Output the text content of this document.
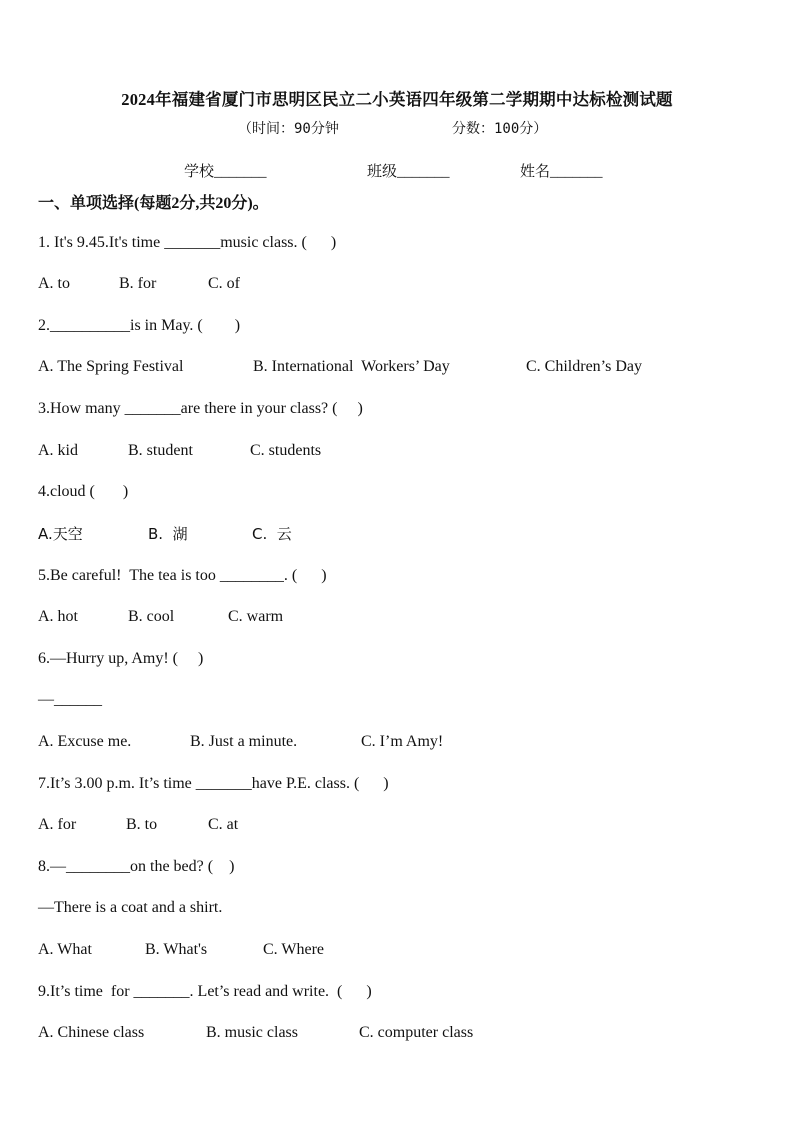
2024年福建省厦门市思明区民立二小英语四年级第二学期期中达标检测试题
（时间：90分钟	分数：100分）
学校_______	班级_______	姓名_______
一、单项选择(每题2分,共20分)。
1. It's 9.45.It's time _______music class. (      )
A. to	B. for	C. of
2.__________is in May. (        )
A. The Spring Festival	B. International  Workers’ Day	C. Children’s Day
3.How many _______are there in your class? (     )
A. kid	B. student	C. students
4.cloud (       )
A.天空	B.  湖	C.  云
5.Be careful!  The tea is too ________. (      )
A. hot	B. cool	C. warm
6.—Hurry up, Amy! (     )
—______
A. Excuse me.	B. Just a minute.	C. I’m Amy!
7.It’s 3.00 p.m. It’s time _______have P.E. class. (      )
A. for	B. to	C. at
8.—________on the bed? (    )
—There is a coat and a shirt.
A. What	B. What's	C. Where
9.It’s time  for _______. Let’s read and write.  (      )
A. Chinese class	B. music class	C. computer class
